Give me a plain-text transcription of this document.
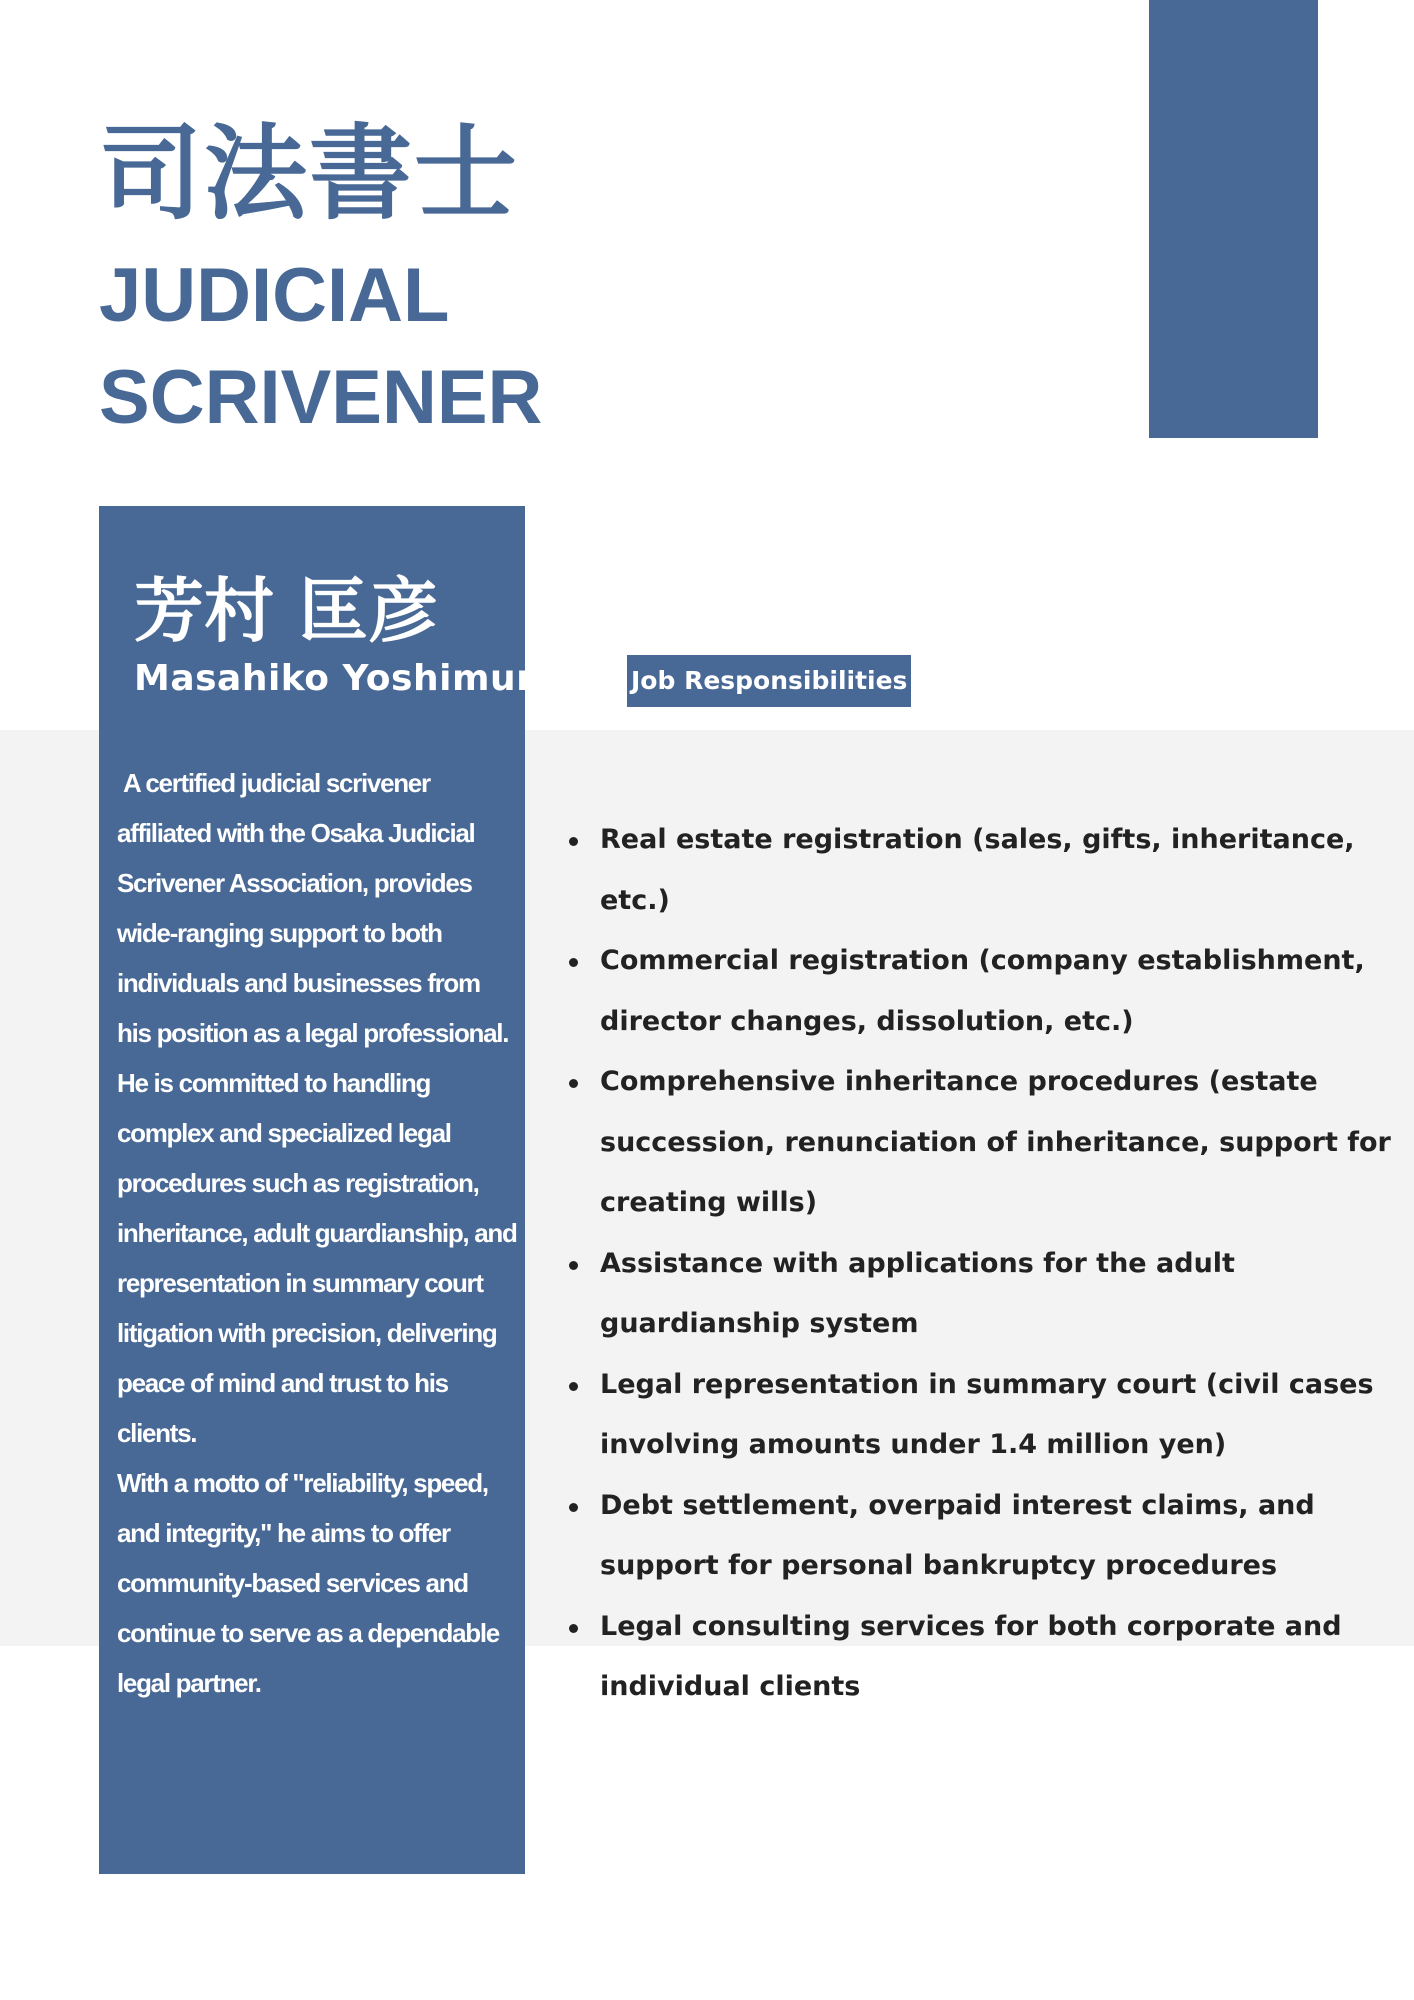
司法書士
JUDICIAL
SCRIVENER
芳村 匡彦
Masahiko Yoshimura

A certified judicial scrivener affiliated with the Osaka Judicial Scrivener Association, provides wide-ranging support to both individuals and businesses from his position as a legal professional.

He is committed to handling complex and specialized legal procedures such as registration, inheritance, adult guardianship, and representation in summary court litigation with precision, delivering peace of mind and trust to his clients.

With a motto of "reliability, speed, and integrity," he aims to offer community-based services and continue to serve as a dependable legal partner.

Job Responsibilities
Real estate registration (sales, gifts, inheritance, etc.)
Commercial registration (company establishment, director changes, dissolution, etc.)
Comprehensive inheritance procedures (estate succession, renunciation of inheritance, support for creating wills)
Assistance with applications for the adult guardianship system
Legal representation in summary court (civil cases involving amounts under 1.4 million yen)
Debt settlement, overpaid interest claims, and support for personal bankruptcy procedures
Legal consulting services for both corporate and individual clients
